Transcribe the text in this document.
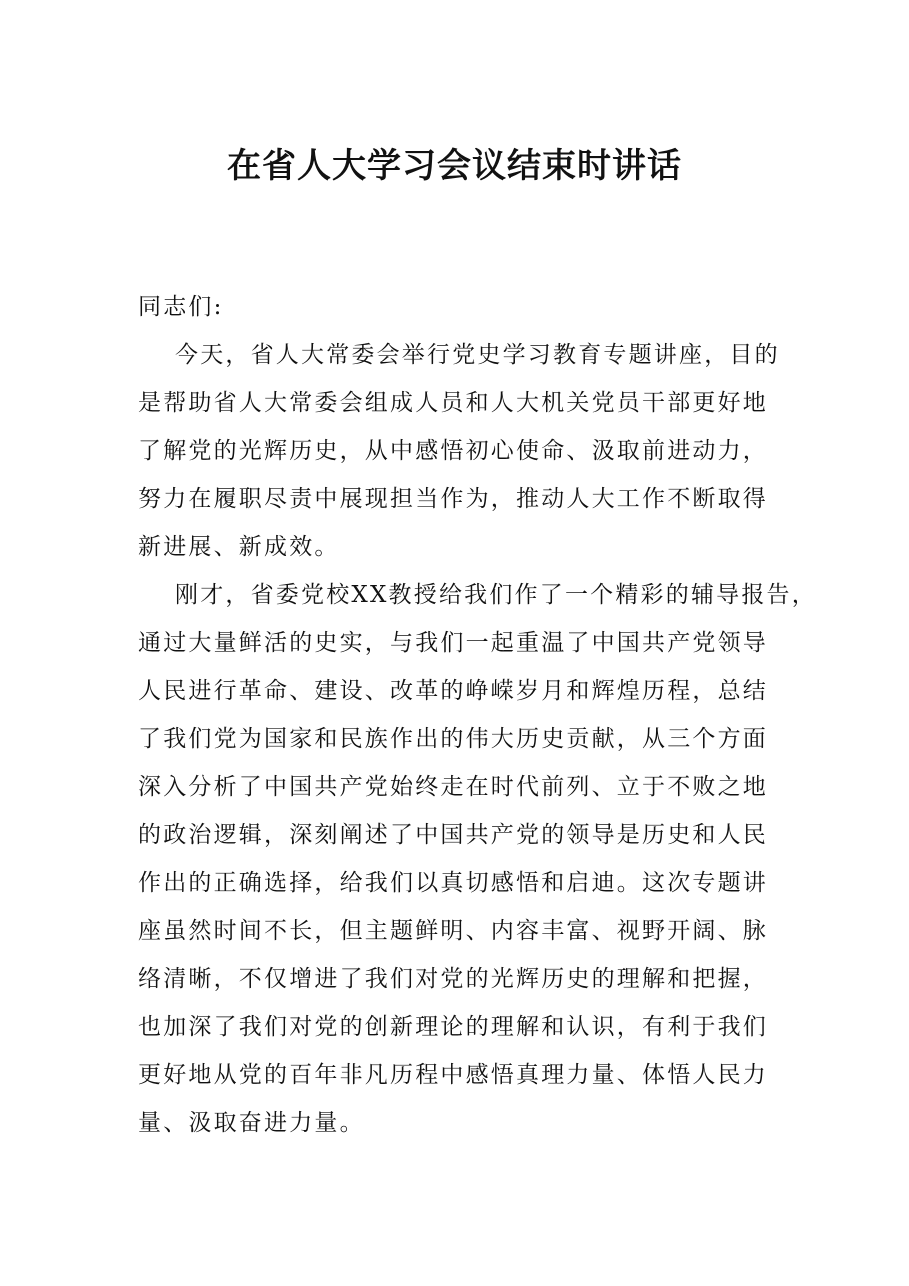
在省人大学习会议结束时讲话
同志们:
今天，省人大常委会举行党史学习教育专题讲座，目的
是帮助省人大常委会组成人员和人大机关党员干部更好地
了解党的光辉历史，从中感悟初心使命、汲取前进动力，
努力在履职尽责中展现担当作为，推动人大工作不断取得
新进展、新成效。
刚才，省委党校XX教授给我们作了一个精彩的辅导报告，
通过大量鲜活的史实，与我们一起重温了中国共产党领导
人民进行革命、建设、改革的峥嵘岁月和辉煌历程，总结
了我们党为国家和民族作出的伟大历史贡献，从三个方面
深入分析了中国共产党始终走在时代前列、立于不败之地
的政治逻辑，深刻阐述了中国共产党的领导是历史和人民
作出的正确选择，给我们以真切感悟和启迪。这次专题讲
座虽然时间不长，但主题鲜明、内容丰富、视野开阔、脉
络清晰，不仅增进了我们对党的光辉历史的理解和把握，
也加深了我们对党的创新理论的理解和认识，有利于我们
更好地从党的百年非凡历程中感悟真理力量、体悟人民力
量、汲取奋进力量。
